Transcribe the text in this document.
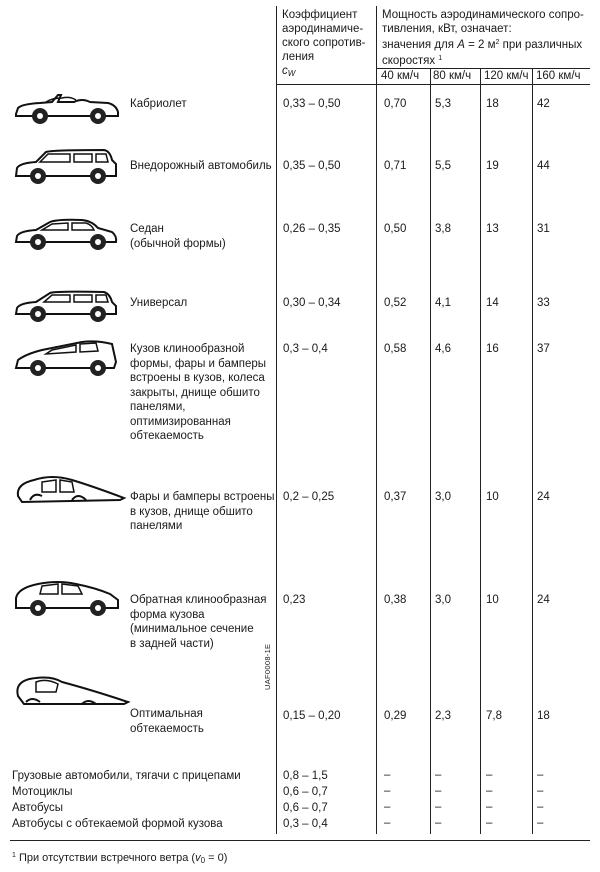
Коэффициент
аэродинамиче-
ского сопротив-
ления
$c_W$
Мощность аэродинамического сопро-
тивления, кВт, означает:
значения для A = 2 $м^2$ при различных
скоростях $^1$
40 км/ч 80 км/ч 120 км/ч 160 км/ч
UAF0008-1E
Кабриолет	0,33 – 0,50	0,70 5,3	18	42
Внедорожный автомобиль 0,35 – 0,50	0,71 5,5	19	44
Седан
(обычной формы)
0,26 – 0,35	0,50 3,8	13	31
Универсал	0,30 – 0,34	0,52 4,1	14	33
Кузов клинообразной
формы, фары и бамперы
встроены в кузов, колеса
закрыты, днище обшито
панелями,
оптимизированная
обтекаемость
0,3 – 0,4	0,58 4,6	16	37
Фары и бамперы встроены
в кузов, днище обшито
панелями
0,2 – 0,25	0,37 3,0	10	24
Обратная клинообразная
форма кузова
(минимальное сечение
в задней части)
0,23	0,38 3,0	10	24
Оптимальная
обтекаемость
0,15 – 0,20	0,29 2,3	7,8	18
Грузовые автомобили, тягачи с прицепами	0,8 – 1,5	–	–	–	–
Мотоциклы	0,6 – 0,7	–	–	–	–
Автобусы	0,6 – 0,7	–	–	–	–
Автобусы с обтекаемой формой кузова	0,3 – 0,4	–	–	–	–
$^1$ При отсутствии встречного ветра $(v_0 = 0)$
